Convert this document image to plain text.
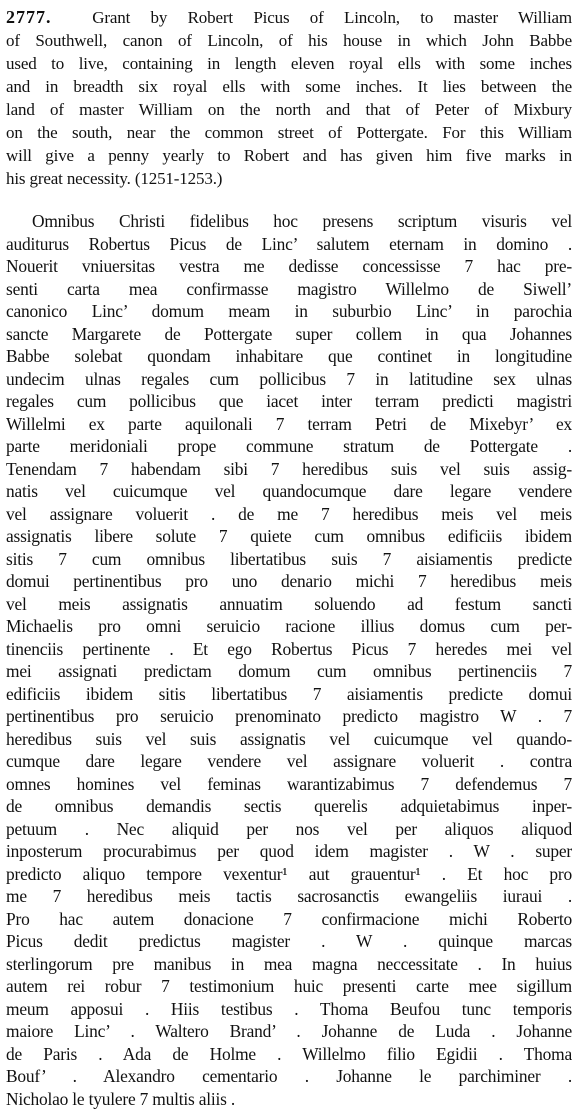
2777. Grant by Robert Picus of Lincoln, to master William
of Southwell, canon of Lincoln, of his house in which John Babbe
used to live, containing in length eleven royal ells with some inches
and in breadth six royal ells with some inches. It lies between the
land of master William on the north and that of Peter of Mixbury
on the south, near the common street of Pottergate. For this William
will give a penny yearly to Robert and has given him five marks in
his great necessity. (1251-1253.)
Omnibus Christi fidelibus hoc presens scriptum visuris vel
auditurus Robertus Picus de Linc’ salutem eternam in domino .
Nouerit vniuersitas vestra me dedisse concessisse 7 hac pre-
senti carta mea confirmasse magistro Willelmo de Siwell’
canonico Linc’ domum meam in suburbio Linc’ in parochia
sancte Margarete de Pottergate super collem in qua Johannes
Babbe solebat quondam inhabitare que continet in longitudine
undecim ulnas regales cum pollicibus 7 in latitudine sex ulnas
regales cum pollicibus que iacet inter terram predicti magistri
Willelmi ex parte aquilonali 7 terram Petri de Mixebyr’ ex
parte meridoniali prope commune stratum de Pottergate .
Tenendam 7 habendam sibi 7 heredibus suis vel suis assig-
natis vel cuicumque vel quandocumque dare legare vendere
vel assignare voluerit . de me 7 heredibus meis vel meis
assignatis libere solute 7 quiete cum omnibus edificiis ibidem
sitis 7 cum omnibus libertatibus suis 7 aisiamentis predicte
domui pertinentibus pro uno denario michi 7 heredibus meis
vel meis assignatis annuatim soluendo ad festum sancti
Michaelis pro omni seruicio racione illius domus cum per-
tinenciis pertinente . Et ego Robertus Picus 7 heredes mei vel
mei assignati predictam domum cum omnibus pertinenciis 7
edificiis ibidem sitis libertatibus 7 aisiamentis predicte domui
pertinentibus pro seruicio prenominato predicto magistro W . 7
heredibus suis vel suis assignatis vel cuicumque vel quando-
cumque dare legare vendere vel assignare voluerit . contra
omnes homines vel feminas warantizabimus 7 defendemus 7
de omnibus demandis sectis querelis adquietabimus inper-
petuum . Nec aliquid per nos vel per aliquos aliquod
inposterum procurabimus per quod idem magister . W . super
predicto aliquo tempore vexentur¹ aut grauentur¹ . Et hoc pro
me 7 heredibus meis tactis sacrosanctis ewangeliis iuraui .
Pro hac autem donacione 7 confirmacione michi Roberto
Picus dedit predictus magister . W . quinque marcas
sterlingorum pre manibus in mea magna neccessitate . In huius
autem rei robur 7 testimonium huic presenti carte mee sigillum
meum apposui . Hiis testibus . Thoma Beufou tunc temporis
maiore Linc’ . Waltero Brand’ . Johanne de Luda . Johanne
de Paris . Ada de Holme . Willelmo filio Egidii . Thoma
Bouf’ . Alexandro cementario . Johanne le parchiminer .
Nicholao le tyulere 7 multis aliis .
